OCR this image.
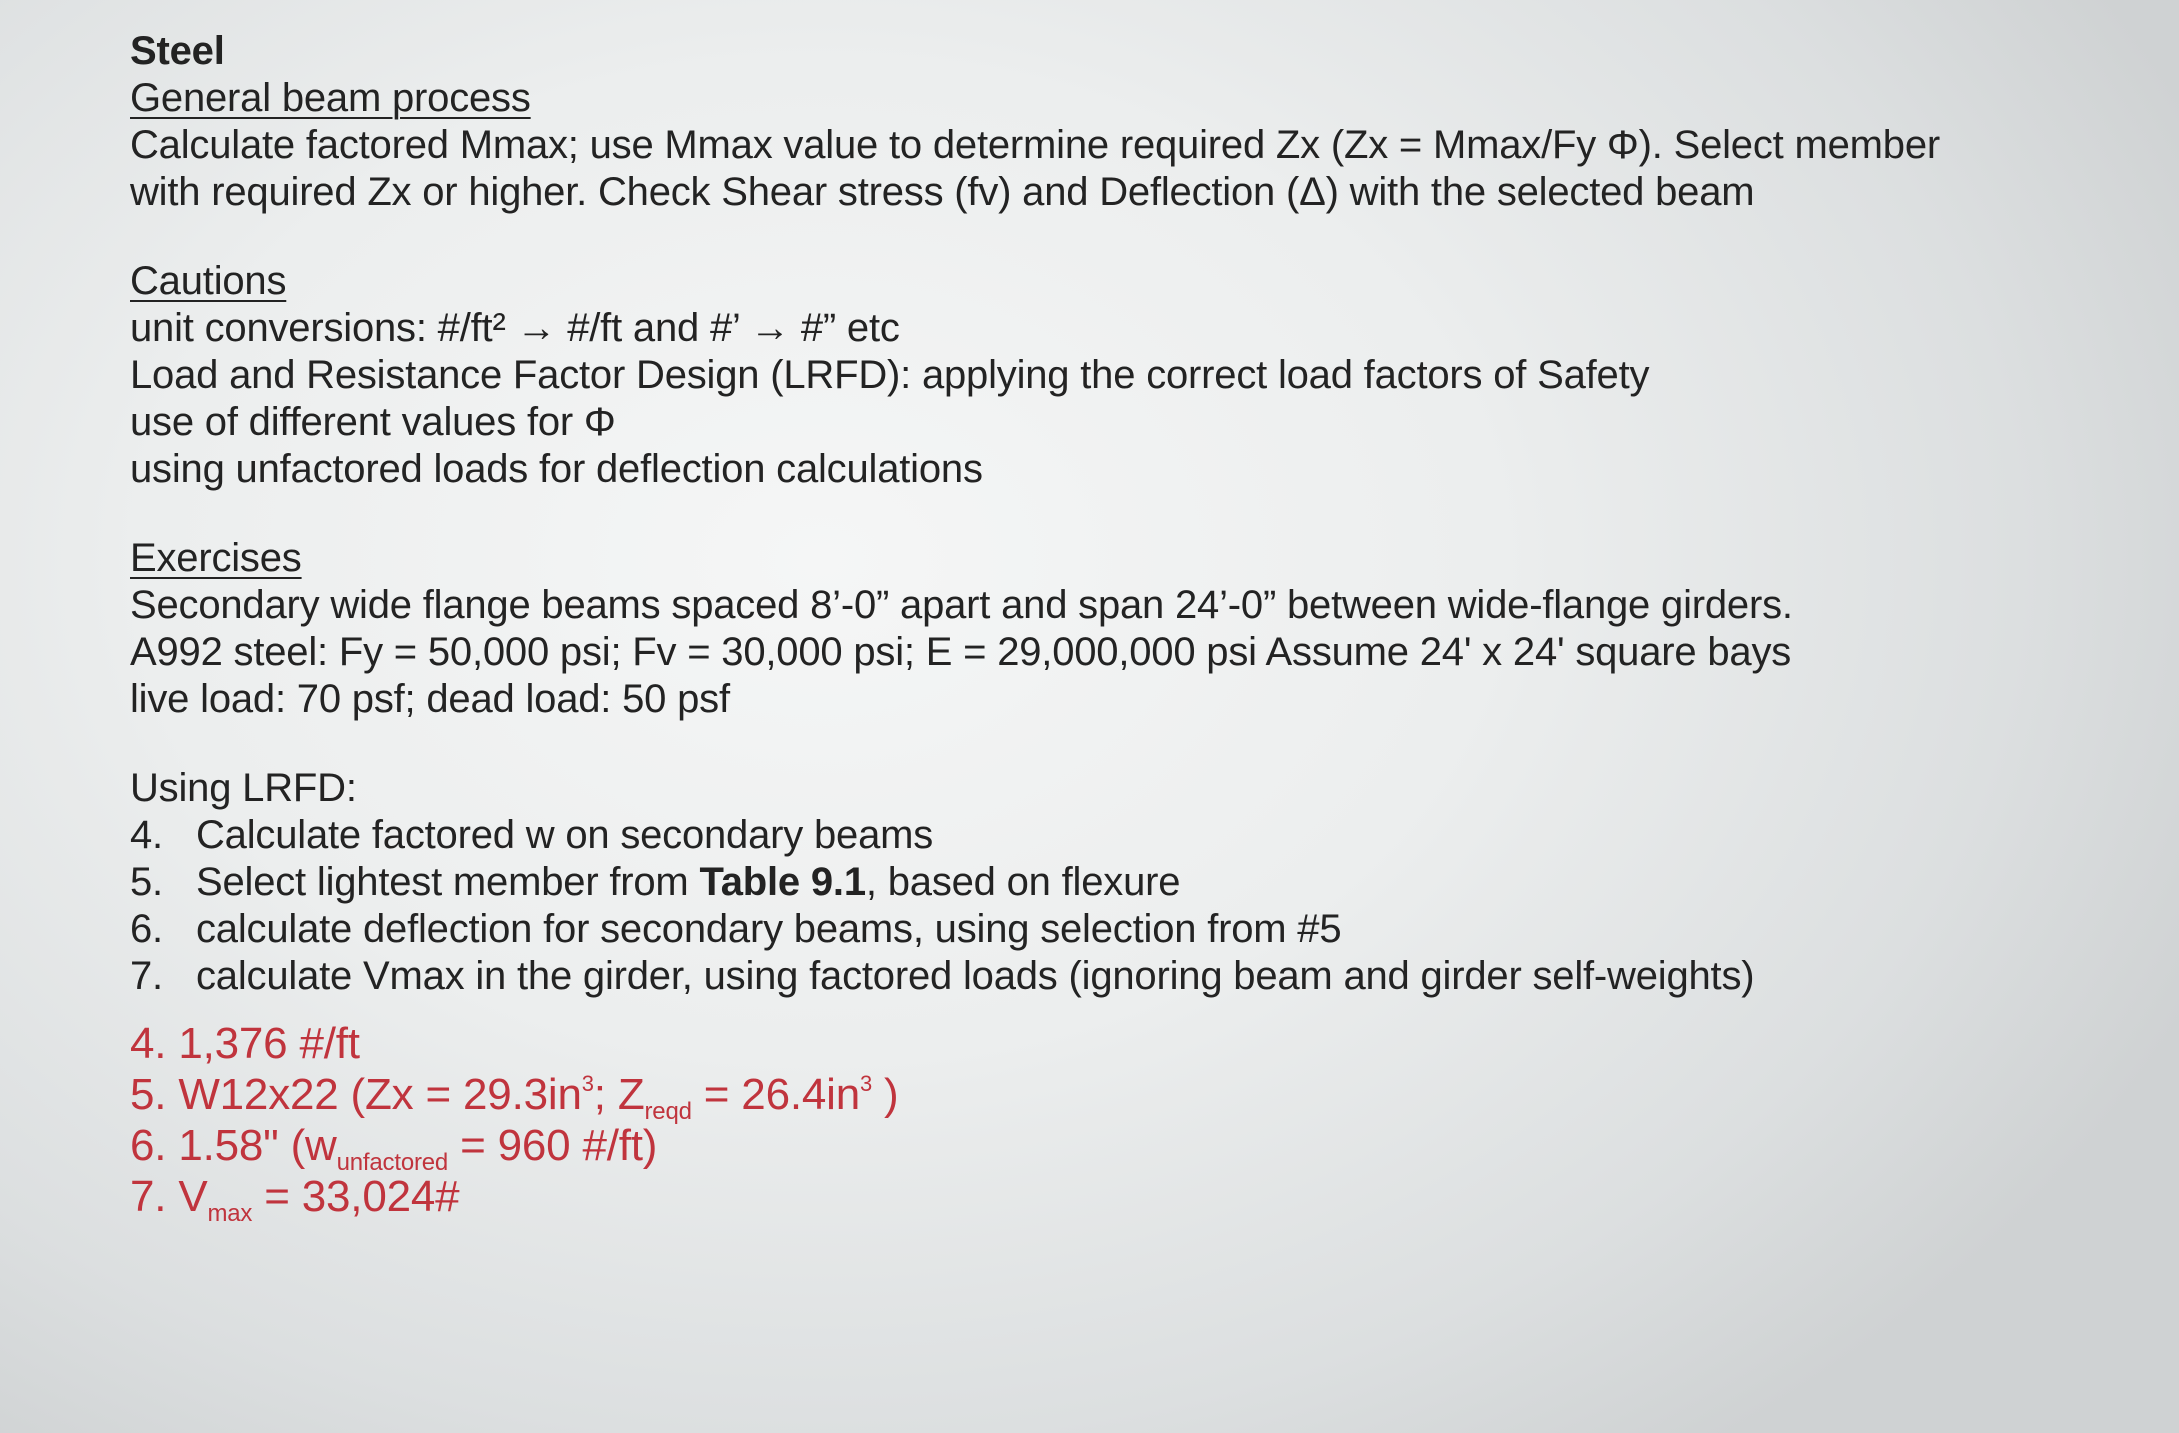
Steel
General beam process
Calculate factored Mmax; use Mmax value to determine required Zx (Zx = Mmax/Fy Φ). Select member
with required Zx or higher. Check Shear stress (fv) and Deflection (Δ) with the selected beam
Cautions
unit conversions: #/ft² → #/ft and #’ → #” etc
Load and Resistance Factor Design (LRFD): applying the correct load factors of Safety
use of different values for Φ
using unfactored loads for deflection calculations
Exercises
Secondary wide flange beams spaced 8’-0” apart and span 24’-0” between wide-flange girders.
A992 steel: Fy = 50,000 psi; Fv = 30,000 psi; E = 29,000,000 psi Assume 24' x 24' square bays
live load: 70 psf; dead load: 50 psf
Using LRFD:
4. Calculate factored w on secondary beams
5. Select lightest member from Table 9.1, based on flexure
6. calculate deflection for secondary beams, using selection from #5
7. calculate Vmax in the girder, using factored loads (ignoring beam and girder self-weights)
4. 1,376 #/ft
5. W12x22 ($Zx = 29.3in^3$; $Z_{reqd} = 26.4in^3$ )
6. 1.58" ($w_{unfactored} = 960$ #/ft)
7. $V_{max}$ = 33,024#
